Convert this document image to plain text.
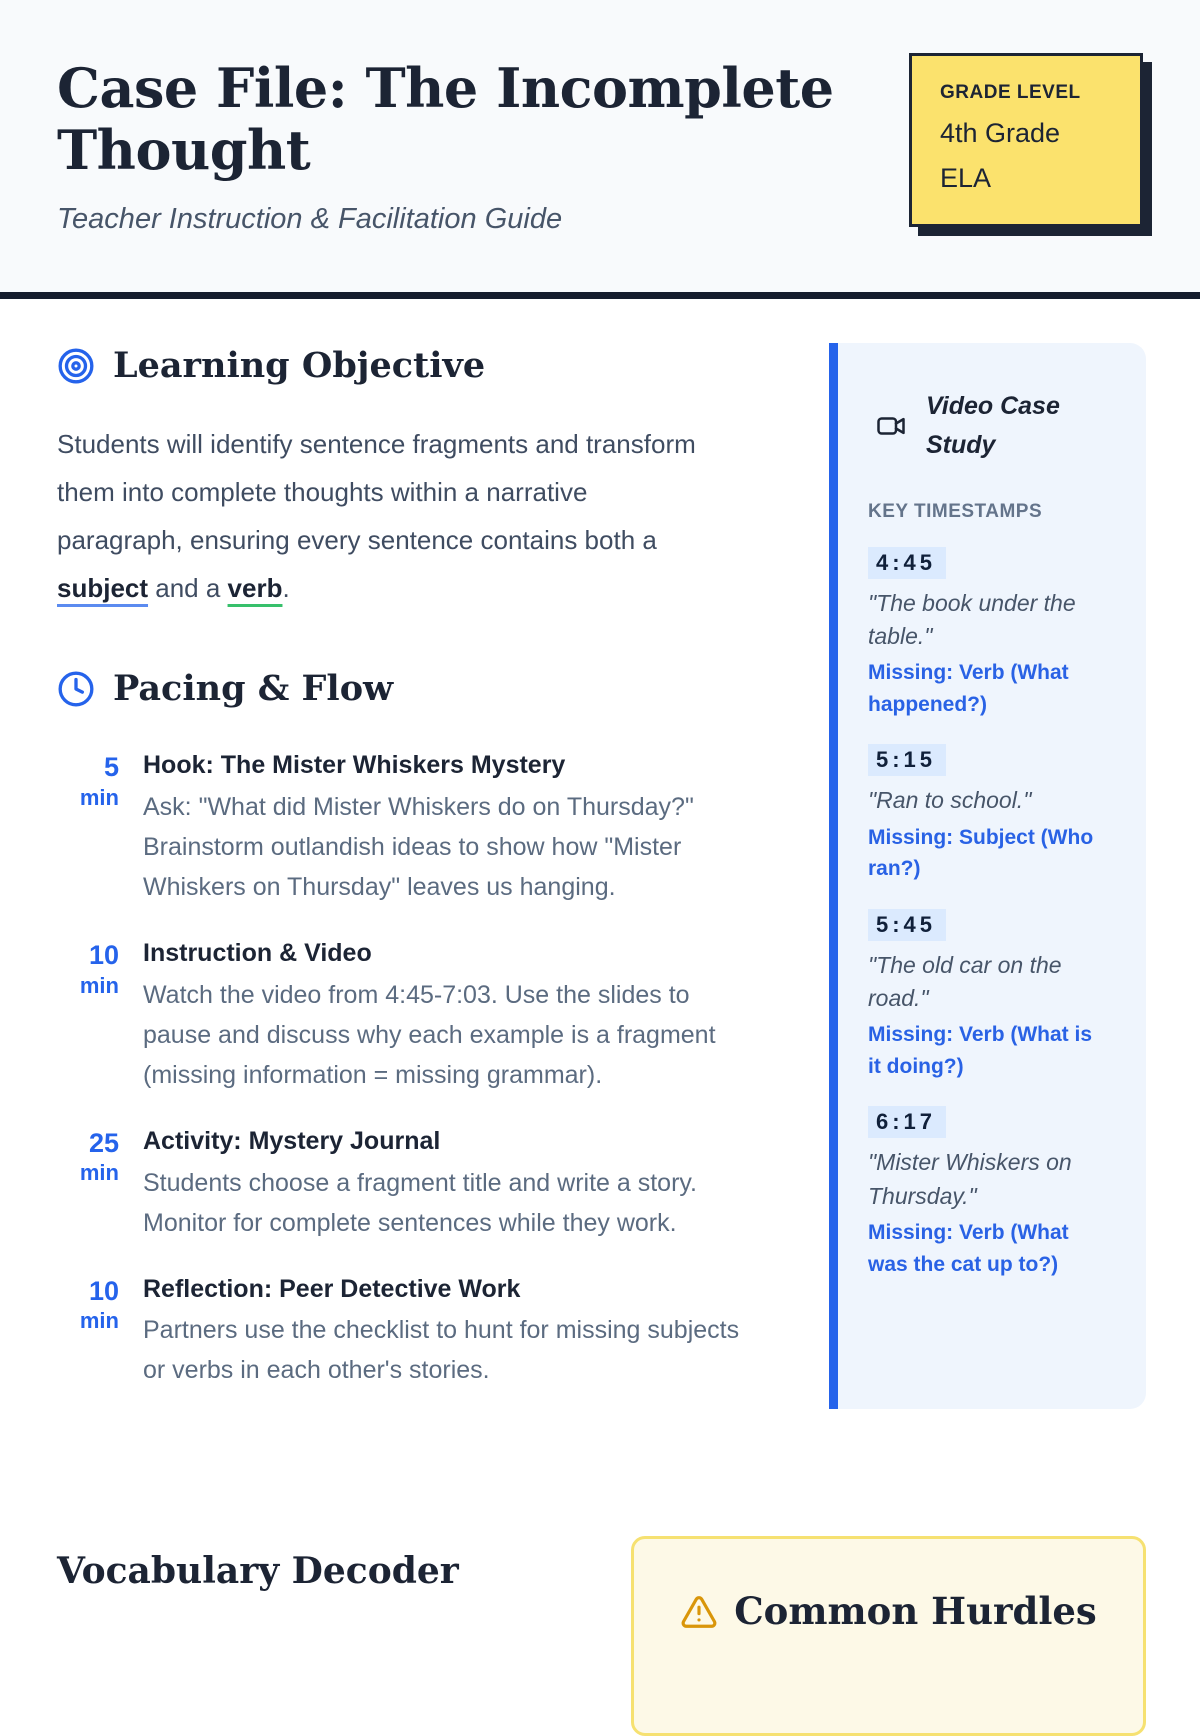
Case File: The Incomplete Thought
Teacher Instruction & Facilitation Guide
GRADE LEVEL
4th Grade
ELA
Learning Objective

Students will identify sentence fragments and transform them into complete thoughts within a narrative paragraph, ensuring every sentence contains both a subject and a verb.

Pacing & Flow
5
min
Hook: The Mister Whiskers Mystery
Ask: "What did Mister Whiskers do on Thursday?" Brainstorm outlandish ideas to show how "Mister Whiskers on Thursday" leaves us hanging.
10
min
Instruction & Video
Watch the video from 4:45-7:03. Use the slides to pause and discuss why each example is a fragment (missing information = missing grammar).
25
min
Activity: Mystery Journal
Students choose a fragment title and write a story. Monitor for complete sentences while they work.
10
min
Reflection: Peer Detective Work
Partners use the checklist to hunt for missing subjects or verbs in each other's stories.
Video Case Study
KEY TIMESTAMPS
4:45
"The book under the table."
Missing: Verb (What happened?)
5:15
"Ran to school."
Missing: Subject (Who ran?)
5:45
"The old car on the road."
Missing: Verb (What is it doing?)
6:17
"Mister Whiskers on Thursday."
Missing: Verb (What was the cat up to?)
Vocabulary Decoder
Common Hurdles
